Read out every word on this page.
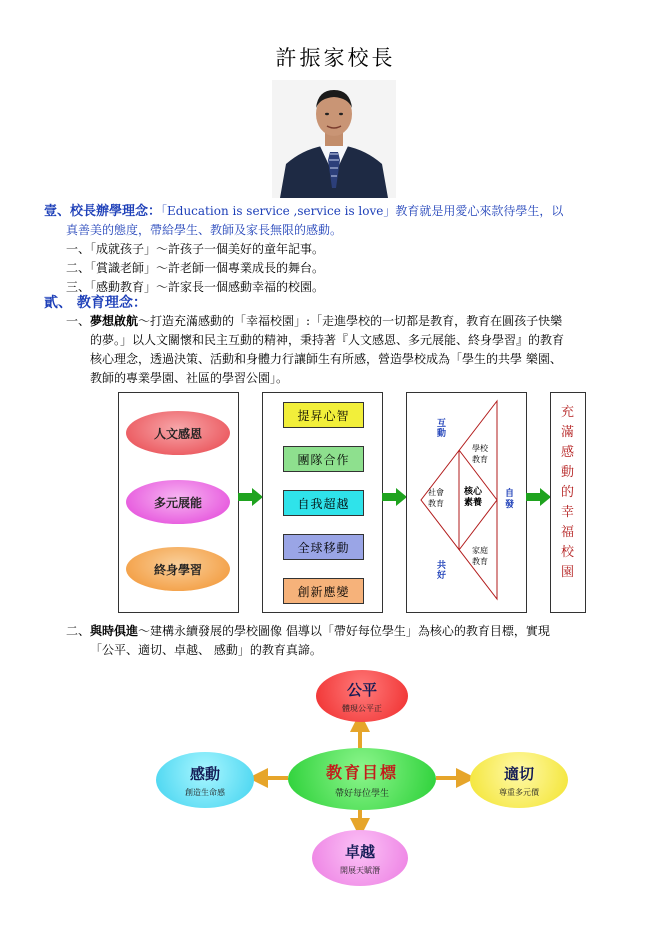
許振家校長
壹、校長辦學理念：「Education is service ,service is love」教育就是用愛心來款待學生，以
真善美的態度，帶給學生、教師及家長無限的感動。
一、「成就孩子」～許孩子一個美好的童年記事。
二、「賞識老師」～許老師一個專業成長的舞台。
三、「感動教育」～許家長一個感動幸福的校園。
貳、 教育理念：
一、夢想啟航～打造充滿感動的「幸福校園」:「走進學校的一切都是教育，教育在圓孩子快樂
的夢。」以人文關懷和民主互動的精神，秉持著『人文感恩、多元展能、終身學習』的教育
核心理念，透過決策、活動和身體力行讓師生有所感，營造學校成為「學生的共學 樂園、
教師的專業學園、社區的學習公園」。
人文感恩
多元展能
終身學習
提昇心智
團隊合作
自我超越
全球移動
創新應變
互動
學校教育
社會教育
核心素養
自發
共好
家庭教育
充滿感動的幸福校園
二、與時俱進～建構永續發展的學校圖像 倡導以「帶好每位學生」為核心的教育目標，實現
「公平、適切、卓越、 感動」的教育真諦。
公平
體現公平正
感動
創造生命感
教育目標
帶好每位學生
適切
尊重多元價
卓越
開展天賦潛
